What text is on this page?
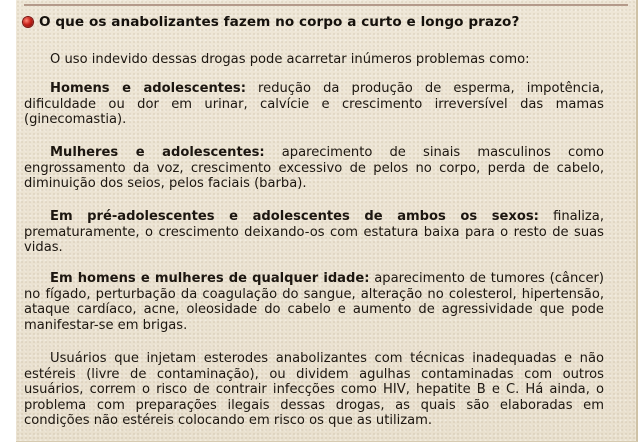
O que os anabolizantes fazem no corpo a curto e longo prazo?

O uso indevido dessas drogas pode acarretar inúmeros problemas como:

Homens e adolescentes: redução da produção de esperma, impotência, dificuldade ou dor em urinar, calvície e crescimento irreversível das mamas (ginecomastia).

Mulheres e adolescentes: aparecimento de sinais masculinos como engrossamento da voz, crescimento excessivo de pelos no corpo, perda de cabelo, diminuição dos seios, pelos faciais (barba).

Em pré-adolescentes e adolescentes de ambos os sexos: finaliza, prematuramente, o crescimento deixando-os com estatura baixa para o resto de suas vidas.

Em homens e mulheres de qualquer idade: aparecimento de tumores (câncer) no fígado, perturbação da coagulação do sangue, alteração no colesterol, hipertensão, ataque cardíaco, acne, oleosidade do cabelo e aumento de agressividade que pode manifestar-se em brigas.

Usuários que injetam esterodes anabolizantes com técnicas inadequadas e não estéreis (livre de contaminação), ou dividem agulhas contaminadas com outros usuários, correm o risco de contrair infecções como HIV, hepatite B e C. Há ainda, o problema com preparações ilegais dessas drogas, as quais são elaboradas em condições não estéreis colocando em risco os que as utilizam.
